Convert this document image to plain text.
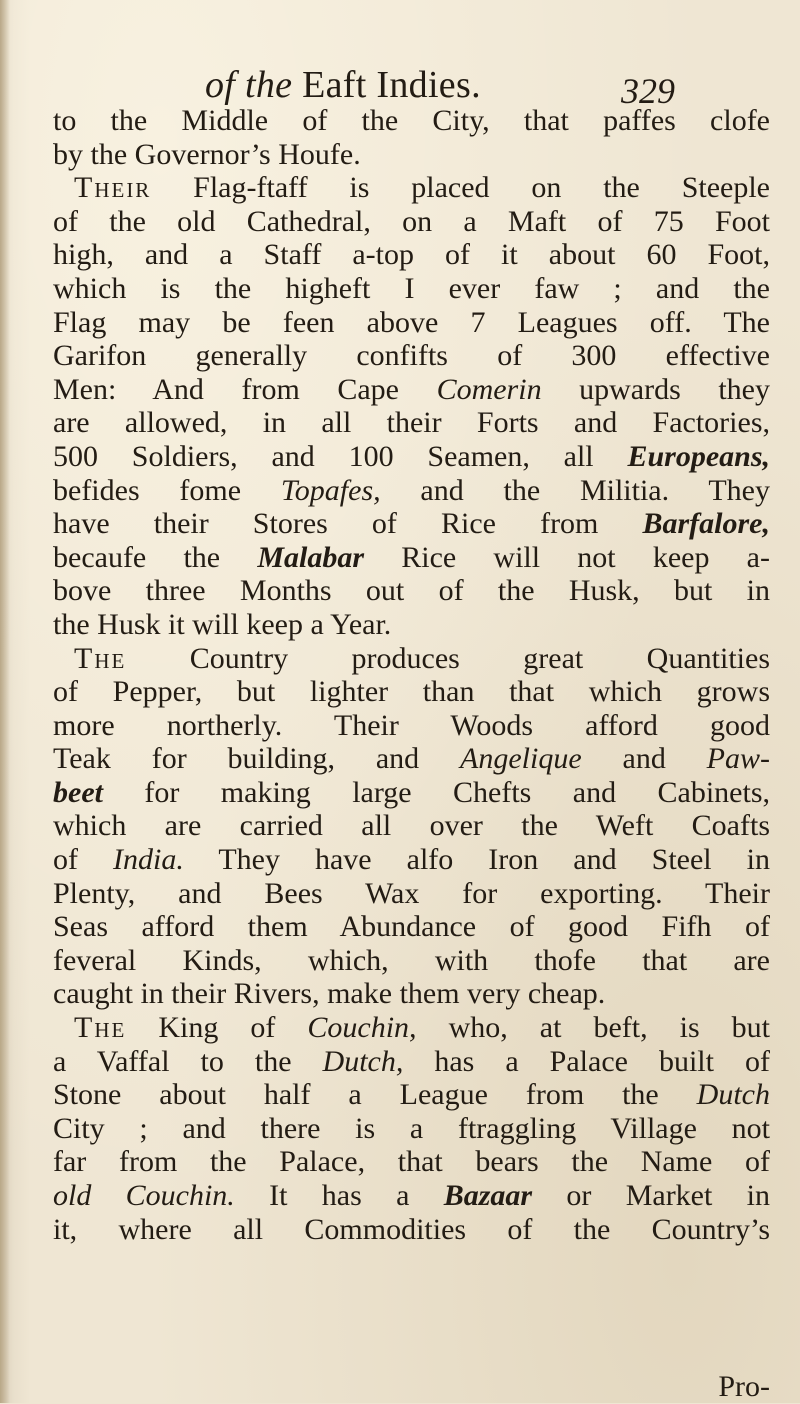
of the Eaft Indies.	329
to the Middle of the City, that paffes clofe
by the Governor’s Houfe.
Their Flag-ftaff is placed on the Steeple
of the old Cathedral, on a Maft of 75 Foot
high, and a Staff a-top of it about 60 Foot,
which is the higheft I ever faw ; and the
Flag may be feen above 7 Leagues off. The
Garifon generally confifts of 300 effective
Men: And from Cape Comerin upwards they
are allowed, in all their Forts and Factories,
500 Soldiers, and 100 Seamen, all Europeans,
befides fome Topafes, and the Militia. They
have their Stores of Rice from Barfalore,
becaufe the Malabar Rice will not keep a-
bove three Months out of the Husk, but in
the Husk it will keep a Year.
The Country produces great Quantities
of Pepper, but lighter than that which grows
more northerly. Their Woods afford good
Teak for building, and Angelique and Paw-
beet for making large Chefts and Cabinets,
which are carried all over the Weft Coafts
of India. They have alfo Iron and Steel in
Plenty, and Bees Wax for exporting. Their
Seas afford them Abundance of good Fifh of
feveral Kinds, which, with thofe that are
caught in their Rivers, make them very cheap.
The King of Couchin, who, at beft, is but
a Vaffal to the Dutch, has a Palace built of
Stone about half a League from the Dutch
City ; and there is a ftraggling Village not
far from the Palace, that bears the Name of
old Couchin. It has a Bazaar or Market in
it, where all Commodities of the Country’s
Pro-
